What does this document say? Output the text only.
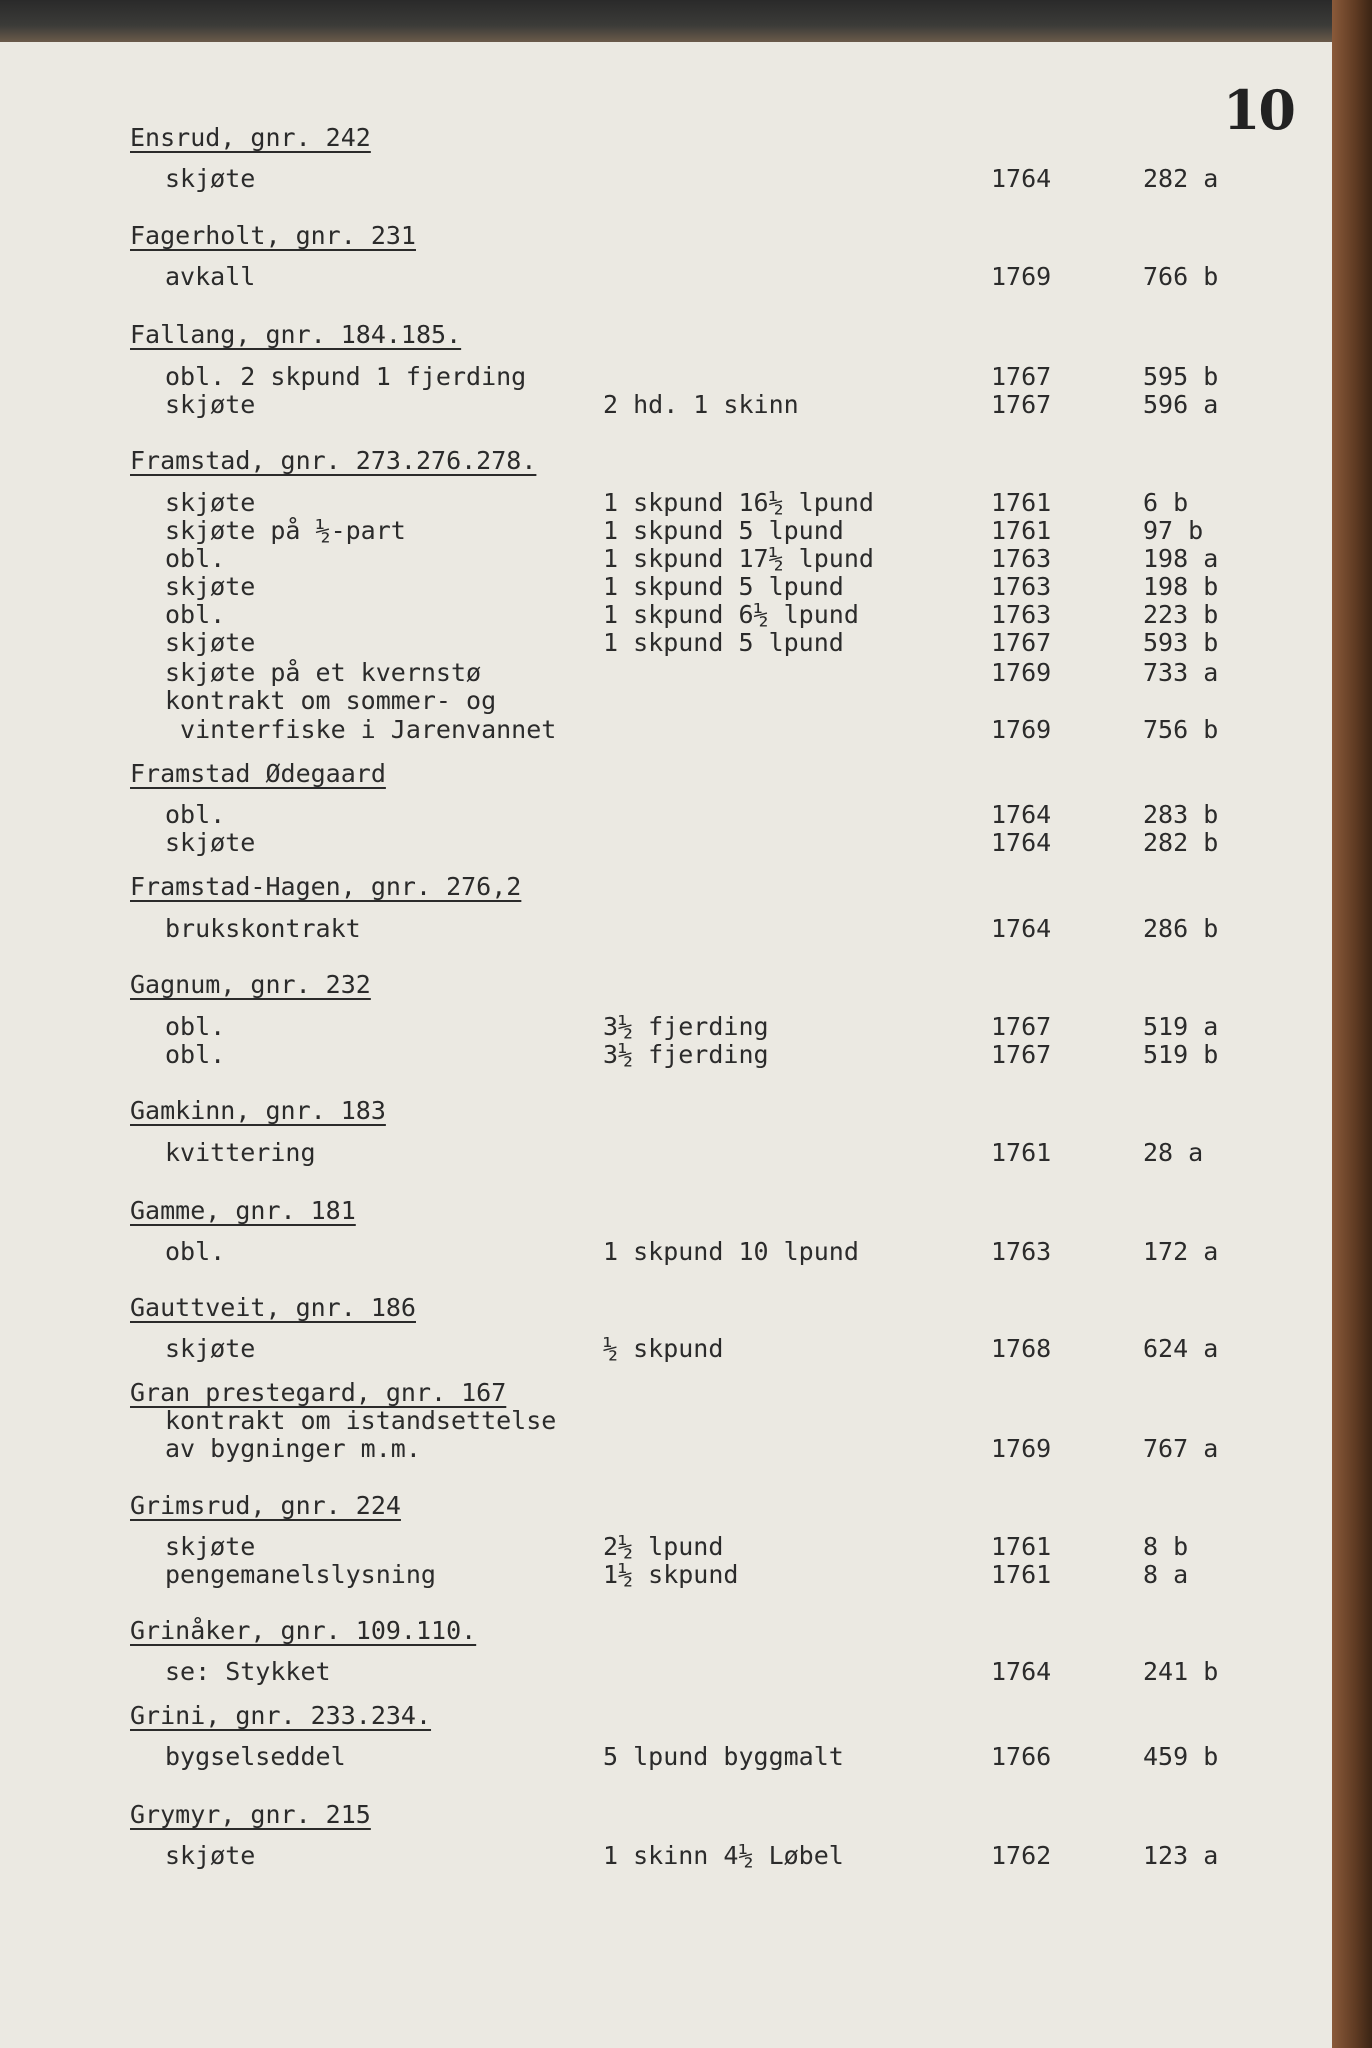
10
Ensrud, gnr. 242
skjøte	1764	282 a
Fagerholt, gnr. 231
avkall	1769	766 b
Fallang, gnr. 184.185.
obl. 2 skpund 1 fjerding	1767	595 b
skjøte	2 hd. 1 skinn	1767	596 a
Framstad, gnr. 273.276.278.
skjøte	1 skpund 16½ lpund	1761	6 b
skjøte på ½-part	1 skpund 5 lpund	1761	97 b
obl.	1 skpund 17½ lpund	1763	198 a
skjøte	1 skpund 5 lpund	1763	198 b
obl.	1 skpund 6½ lpund	1763	223 b
skjøte	1 skpund 5 lpund	1767	593 b
skjøte på et kvernstø	1769	733 a
kontrakt om sommer- og
vinterfiske i Jarenvannet	1769	756 b
Framstad Ødegaard
obl.	1764	283 b
skjøte	1764	282 b
Framstad-Hagen, gnr. 276,2
brukskontrakt	1764	286 b
Gagnum, gnr. 232
obl.	3½ fjerding	1767	519 a
obl.	3½ fjerding	1767	519 b
Gamkinn, gnr. 183
kvittering	1761	28 a
Gamme, gnr. 181
obl.	1 skpund 10 lpund	1763	172 a
Gauttveit, gnr. 186
skjøte	½ skpund	1768	624 a
Gran prestegard, gnr. 167
kontrakt om istandsettelse
av bygninger m.m.	1769	767 a
Grimsrud, gnr. 224
skjøte	2½ lpund	1761	8 b
pengemanelslysning	1½ skpund	1761	8 a
Grinåker, gnr. 109.110.
se: Stykket	1764	241 b
Grini, gnr. 233.234.
bygselseddel	5 lpund byggmalt	1766	459 b
Grymyr, gnr. 215
skjøte	1 skinn 4½ Løbel	1762	123 a
